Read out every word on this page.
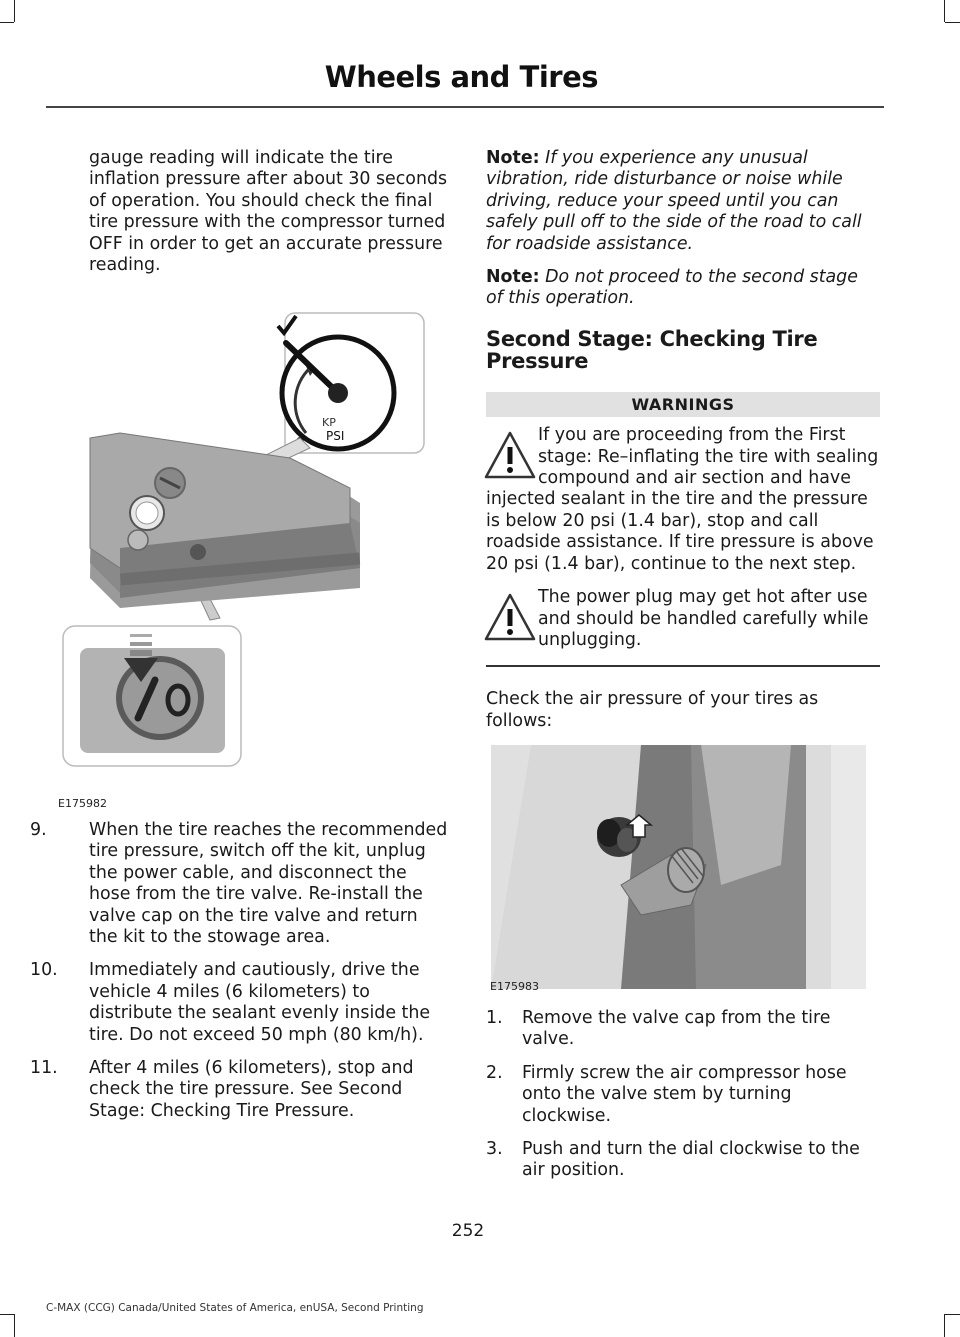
Wheels and Tires

gauge reading will indicate the tire inflation pressure after about 30 seconds of operation. You should check the final tire pressure with the compressor turned OFF in order to get an accurate pressure reading.

KP
PSI
E175982
9. When the tire reaches the recommended tire pressure, switch off the kit, unplug the power cable, and disconnect the hose from the tire valve. Re-install the valve cap on the tire valve and return the kit to the stowage area.
10. Immediately and cautiously, drive the vehicle 4 miles (6 kilometers) to distribute the sealant evenly inside the tire. Do not exceed 50 mph (80 km/h).
11. After 4 miles (6 kilometers), stop and check the tire pressure. See Second Stage: Checking Tire Pressure.

Note: If you experience any unusual vibration, ride disturbance or noise while driving, reduce your speed until you can safely pull off to the side of the road to call for roadside assistance.

Note: Do not proceed to the second stage of this operation.

Second Stage: Checking Tire Pressure
WARNINGS

If you are proceeding from the First stage: Re–inflating the tire with sealing compound and air section and have injected sealant in the tire and the pressure is below 20 psi (1.4 bar), stop and call roadside assistance. If tire pressure is above 20 psi (1.4 bar), continue to the next step.

The power plug may get hot after use and should be handled carefully while unplugging.

Check the air pressure of your tires as follows:

E175983
1. Remove the valve cap from the tire valve.
2. Firmly screw the air compressor hose onto the valve stem by turning clockwise.
3. Push and turn the dial clockwise to the air position.
252
C-MAX (CCG) Canada/United States of America, enUSA, Second Printing
